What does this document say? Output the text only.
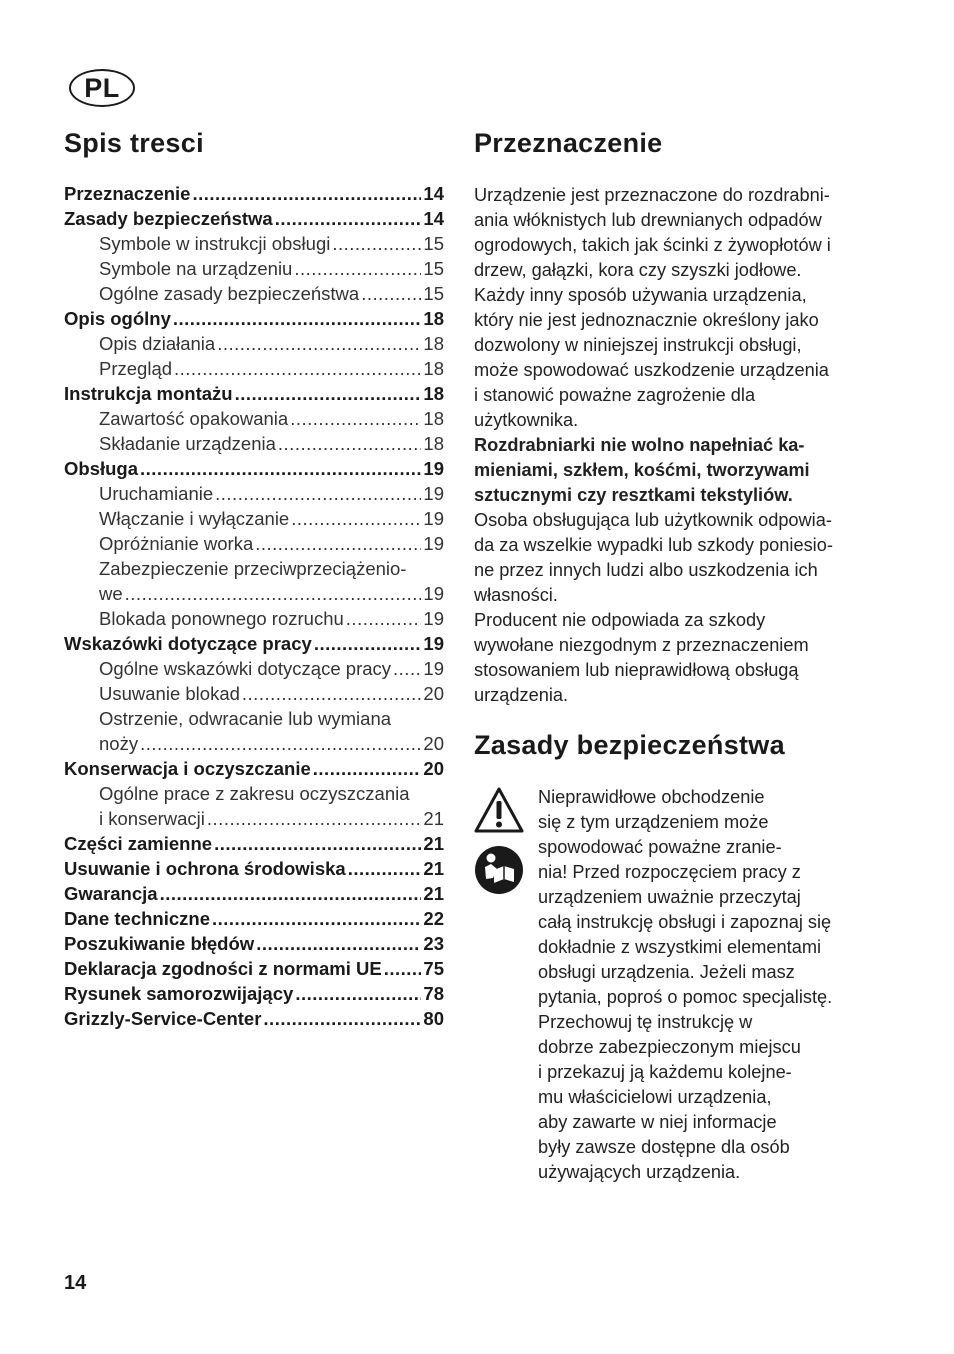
PL
Spis tresci
Przeznaczenie .....	14
Zasady bezpieczeństwa .....	14
Symbole w instrukcji obsługi .....	15
Symbole na urządzeniu .....	15
Ogólne zasady bezpieczeństwa .....	15
Opis ogólny .....	18
Opis działania .....	18
Przegląd .....	18
Instrukcja montażu .....	18
Zawartość opakowania .....	18
Składanie urządzenia .....	18
Obsługa .....	19
Uruchamianie .....	19
Włączanie i wyłączanie .....	19
Opróżnianie worka .....	19
Zabezpieczenie przeciwprzeciążenio-
we .....	19
Blokada ponownego rozruchu .....	19
Wskazówki dotyczące pracy .....	19
Ogólne wskazówki dotyczące pracy ..... 19
Usuwanie blokad .....	20
Ostrzenie, odwracanie lub wymiana
noży .....	20
Konserwacja i oczyszczanie .....	20
Ogólne prace z zakresu oczyszczania
i konserwacji .....	21
Części zamienne .....	21
Usuwanie i ochrona środowiska .....	21
Gwarancja .....	21
Dane techniczne .....	22
Poszukiwanie błędów .....	23
Deklaracja zgodności z normami UE ..... 75
Rysunek samorozwijający .....	78
Grizzly-Service-Center .....	80
Przeznaczenie
Urządzenie jest przeznaczone do rozdrabni-
ania włóknistych lub drewnianych odpadów
ogrodowych, takich jak ścinki z żywopłotów i
drzew, gałązki, kora czy szyszki jodłowe.
Każdy inny sposób używania urządzenia,
który nie jest jednoznacznie określony jako
dozwolony w niniejszej instrukcji obsługi,
może spowodować uszkodzenie urządzenia
i stanowić poważne zagrożenie dla
użytkownika.
Rozdrabniarki nie wolno napełniać ka-
mieniami, szkłem, kośćmi, tworzywami
sztucznymi czy resztkami tekstyliów.
Osoba obsługująca lub użytkownik odpowia-
da za wszelkie wypadki lub szkody poniesio-
ne przez innych ludzi albo uszkodzenia ich
własności.
Producent nie odpowiada za szkody
wywołane niezgodnym z przeznaczeniem
stosowaniem lub nieprawidłową obsługą
urządzenia.
Zasady bezpieczeństwa
Nieprawidłowe obchodzenie
się z tym urządzeniem może
spowodować poważne zranie-
nia! Przed rozpoczęciem pracy z
urządzeniem uważnie przeczytaj
całą instrukcję obsługi i zapoznaj się
dokładnie z wszystkimi elementami
obsługi urządzenia. Jeżeli masz
pytania, poproś o pomoc specjalistę.
Przechowuj tę instrukcję w
dobrze zabezpieczonym miejscu
i przekazuj ją każdemu kolejne-
mu właścicielowi urządzenia,
aby zawarte w niej informacje
były zawsze dostępne dla osób
używających urządzenia.
14
